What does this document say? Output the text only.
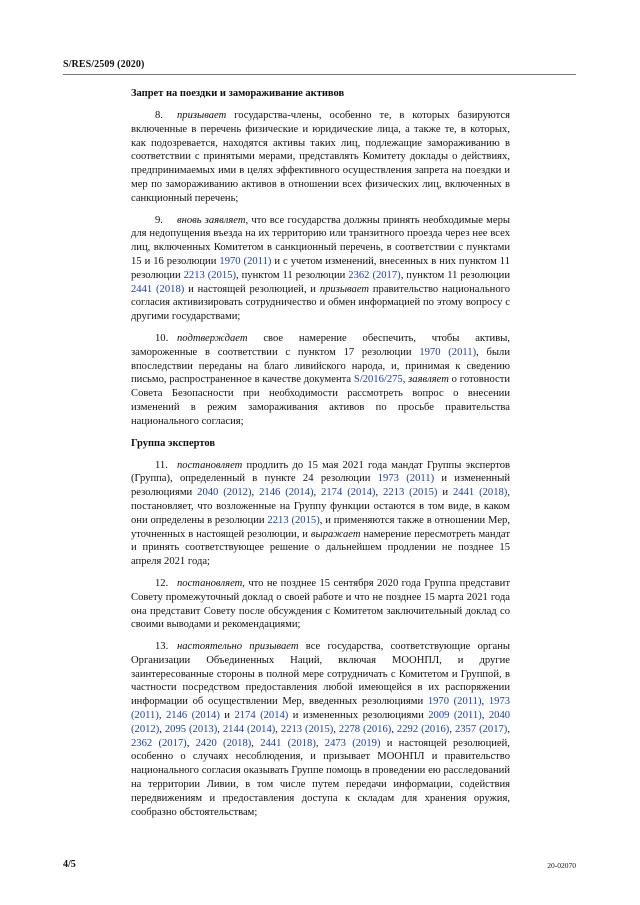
S/RES/2509 (2020)
Запрет на поездки и замораживание активов

8. призывает государства-члены, особенно те, в которых базируются включенные в перечень физические и юридические лица, а также те, в которых, как подозревается, находятся активы таких лиц, подлежащие замораживанию в соответствии с принятыми мерами, представлять Комитету доклады о действиях, предпринимаемых ими в целях эффективного осуществления запрета на поездки и мер по замораживанию активов в отношении всех физических лиц, включенных в санкционный перечень;

9. вновь заявляет, что все государства должны принять необходимые меры для недопущения въезда на их территорию или транзитного проезда через нее всех лиц, включенных Комитетом в санкционный перечень, в соответствии с пунктами 15 и 16 резолюции 1970 (2011) и с учетом изменений, внесенных в них пунктом 11 резолюции 2213 (2015), пунктом 11 резолюции 2362 (2017), пунктом 11 резолюции 2441 (2018) и настоящей резолюцией, и призывает правительство национального согласия активизировать сотрудничество и обмен информацией по этому вопросу с другими государствами;

10. подтверждает свое намерение обеспечить, чтобы активы, замороженные в соответствии с пунктом 17 резолюции 1970 (2011), были впоследствии переданы на благо ливийского народа, и, принимая к сведению письмо, распространенное в качестве документа S/2016/275, заявляет о готовности Совета Безопасности при необходимости рассмотреть вопрос о внесении изменений в режим замораживания активов по просьбе правительства национального согласия;

Группа экспертов

11. постановляет продлить до 15 мая 2021 года мандат Группы экспертов (Группа), определенный в пункте 24 резолюции 1973 (2011) и измененный резолюциями 2040 (2012), 2146 (2014), 2174 (2014), 2213 (2015) и 2441 (2018), постановляет, что возложенные на Группу функции остаются в том виде, в каком они определены в резолюции 2213 (2015), и применяются также в отношении Мер, уточненных в настоящей резолюции, и выражает намерение пересмотреть мандат и принять соответствующее решение о дальнейшем продлении не позднее 15 апреля 2021 года;

12. постановляет, что не позднее 15 сентября 2020 года Группа представит Совету промежуточный доклад о своей работе и что не позднее 15 марта 2021 года она представит Совету после обсуждения с Комитетом заключительный доклад со своими выводами и рекомендациями;

13. настоятельно призывает все государства, соответствующие органы Организации Объединенных Наций, включая МООНПЛ, и другие заинтересованные стороны в полной мере сотрудничать с Комитетом и Группой, в частности посредством предоставления любой имеющейся в их распоряжении информации об осуществлении Мер, введенных резолюциями 1970 (2011), 1973 (2011), 2146 (2014) и 2174 (2014) и измененных резолюциями 2009 (2011), 2040 (2012), 2095 (2013), 2144 (2014), 2213 (2015), 2278 (2016), 2292 (2016), 2357 (2017), 2362 (2017), 2420 (2018), 2441 (2018), 2473 (2019) и настоящей резолюцией, особенно о случаях несоблюдения, и призывает МООНПЛ и правительство национального согласия оказывать Группе помощь в проведении ею расследований на территории Ливии, в том числе путем передачи информации, содействия передвижениям и предоставления доступа к складам для хранения оружия, сообразно обстоятельствам;

4/5	20-02070
